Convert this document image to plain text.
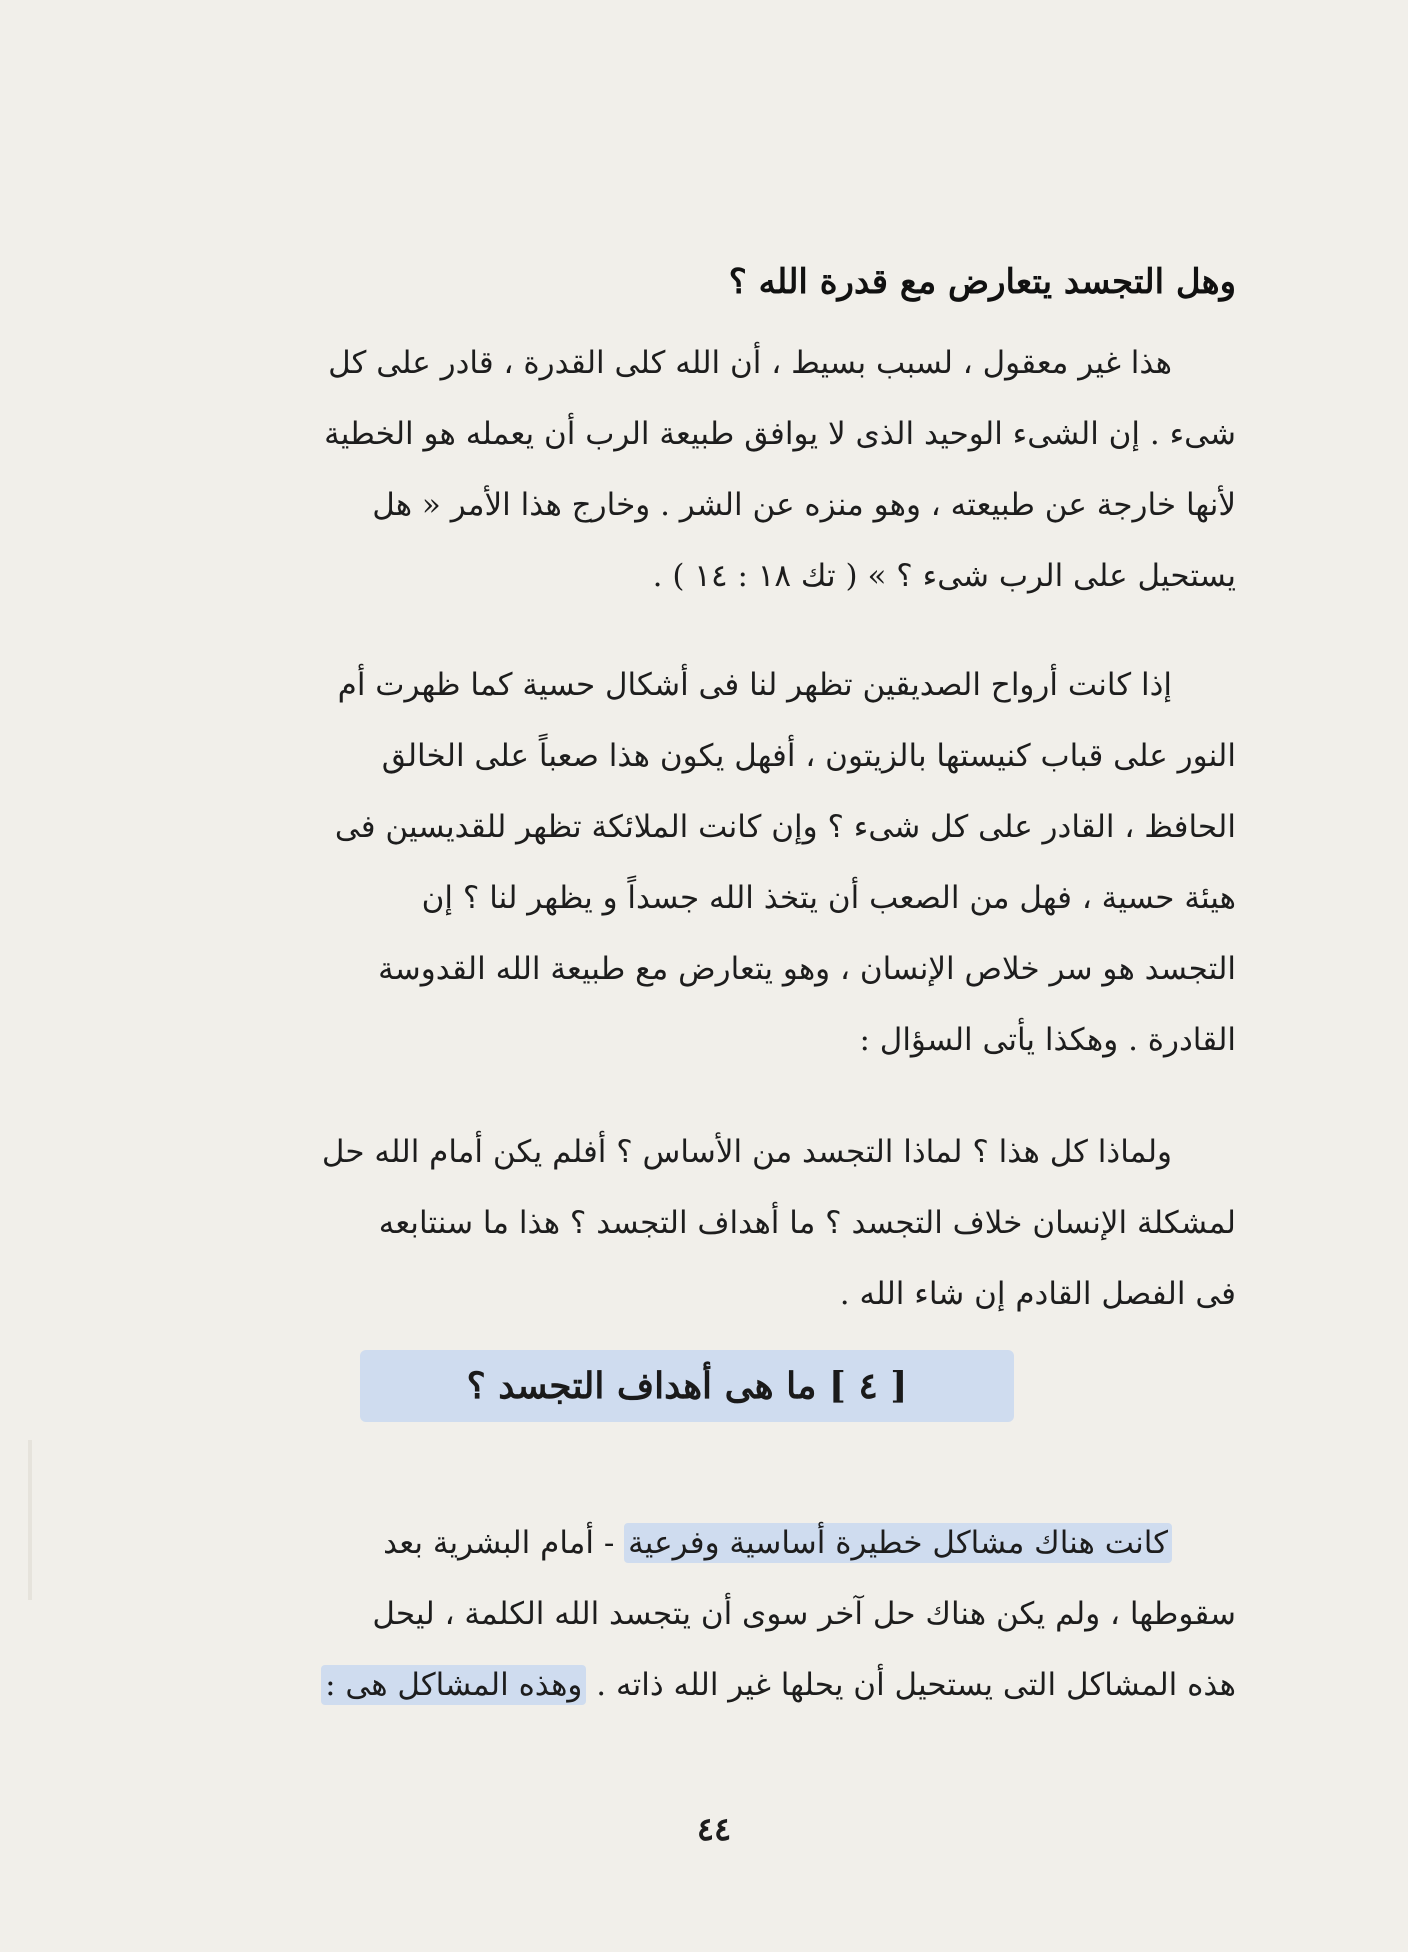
وهل التجسد يتعارض مع قدرة الله ؟
هذا غير معقول ، لسبب بسيط ، أن الله كلى القدرة ، قادر على كل
شىء . إن الشىء الوحيد الذى لا يوافق طبيعة الرب أن يعمله هو الخطية
لأنها خارجة عن طبيعته ، وهو منزه عن الشر . وخارج هذا الأمر « هل
يستحيل على الرب شىء ؟ » ( تك ١٨ : ١٤ ) .
إذا كانت أرواح الصديقين تظهر لنا فى أشكال حسية كما ظهرت أم
النور على قباب كنيستها بالزيتون ، أفهل يكون هذا صعباً على الخالق
الحافظ ، القادر على كل شىء ؟ وإن كانت الملائكة تظهر للقديسين فى
هيئة حسية ، فهل من الصعب أن يتخذ الله جسداً و يظهر لنا ؟ إن
التجسد هو سر خلاص الإنسان ، وهو يتعارض مع طبيعة الله القدوسة
القادرة . وهكذا يأتى السؤال :
ولماذا كل هذا ؟ لماذا التجسد من الأساس ؟ أفلم يكن أمام الله حل
لمشكلة الإنسان خلاف التجسد ؟ ما أهداف التجسد ؟ هذا ما سنتابعه
فى الفصل القادم إن شاء الله .
[ ٤ ] ما هى أهداف التجسد ؟
كانت هناك مشاكل خطيرة أساسية وفرعية - أمام البشرية بعد
سقوطها ، ولم يكن هناك حل آخر سوى أن يتجسد الله الكلمة ، ليحل
هذه المشاكل التى يستحيل أن يحلها غير الله ذاته . وهذه المشاكل هى :
٤٤
